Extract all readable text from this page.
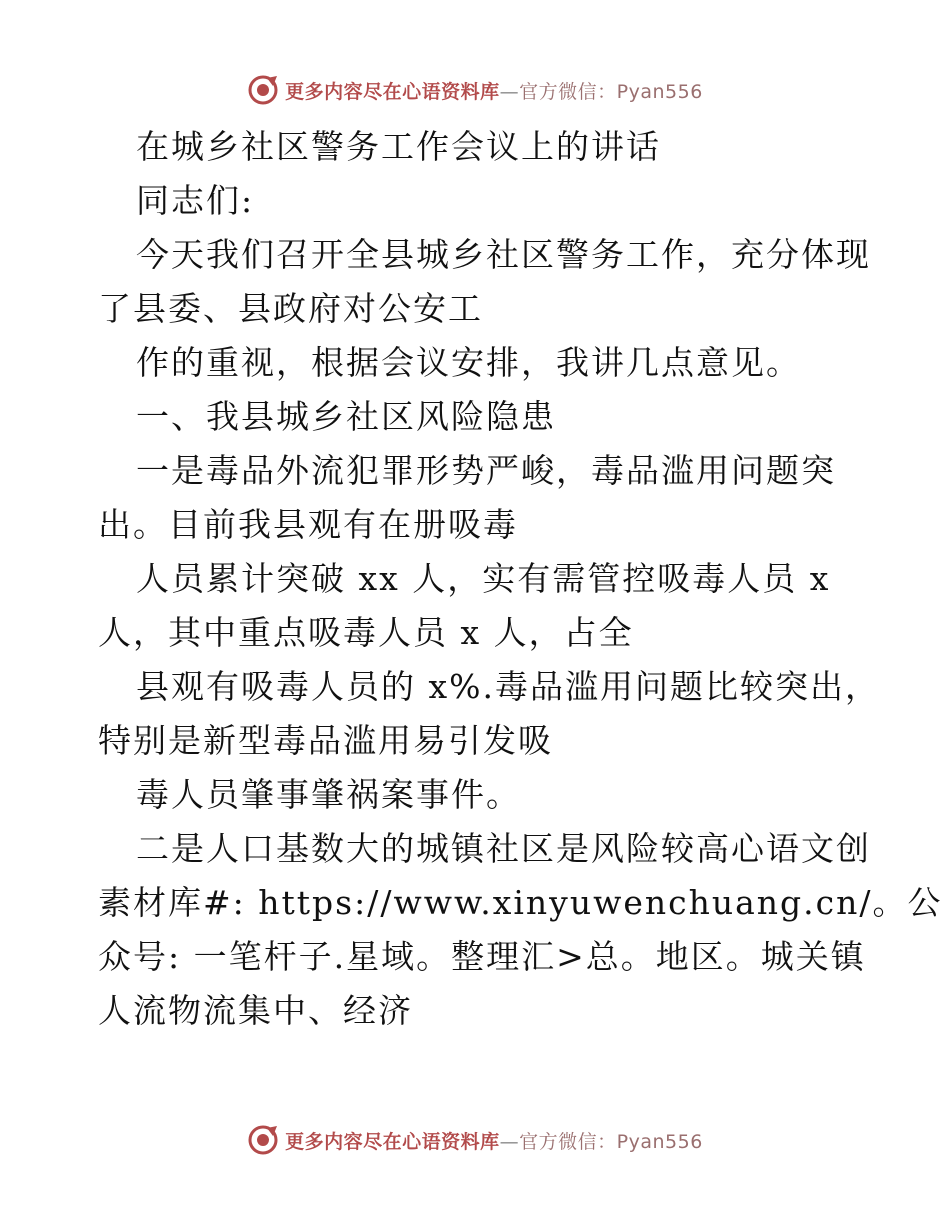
更多内容尽在心语资料库—官方微信：Pyan556
在城乡社区警务工作会议上的讲话
同志们:
今天我们召开全县城乡社区警务工作，充分体现
了县委、县政府对公安工
作的重视，根据会议安排，我讲几点意见。
一、我县城乡社区风险隐患
一是毒品外流犯罪形势严峻，毒品滥用问题突
出。目前我县观有在册吸毒
人员累计突破 xx 人，实有需管控吸毒人员 x
人，其中重点吸毒人员 x 人，占全
县观有吸毒人员的 x%.毒品滥用问题比较突出，
特别是新型毒品滥用易引发吸
毒人员肇事肇祸案事件。
二是人口基数大的城镇社区是风险较高心语文创
素材库#: https://www.xinyuwenchuang.cn/。公
众号: 一笔杆子.星域。整理汇>总。地区。城关镇
人流物流集中、经济
更多内容尽在心语资料库—官方微信：Pyan556
